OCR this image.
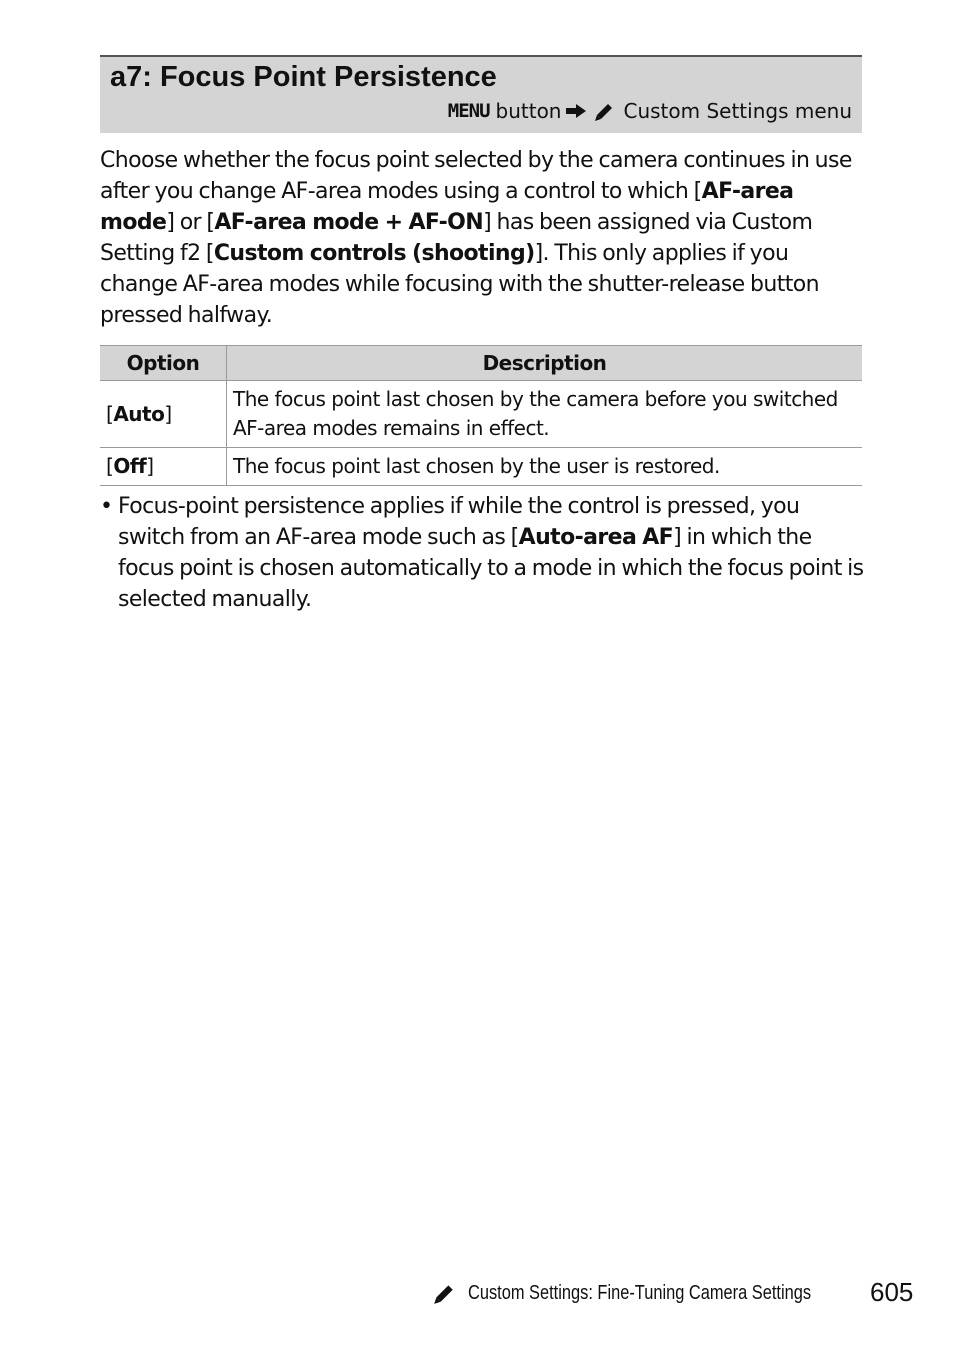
a7: Focus Point Persistence
MENU button	Custom Settings menu
Choose whether the focus point selected by the camera continues in use after you change AF-area modes using a control to which [AF-area mode] or [AF-area mode + AF-ON] has been assigned via Custom Setting f2 [Custom controls (shooting)]. This only applies if you change AF-area modes while focusing with the shutter-release button pressed halfway.
Option	Description
[Auto]	The focus point last chosen by the camera before you switched AF-area modes remains in effect.
[Off]	The focus point last chosen by the user is restored.
• Focus-point persistence applies if while the control is pressed, you switch from an AF-area mode such as [Auto-area AF] in which the focus point is chosen automatically to a mode in which the focus point is selected manually.
Custom Settings: Fine-Tuning Camera Settings 605
